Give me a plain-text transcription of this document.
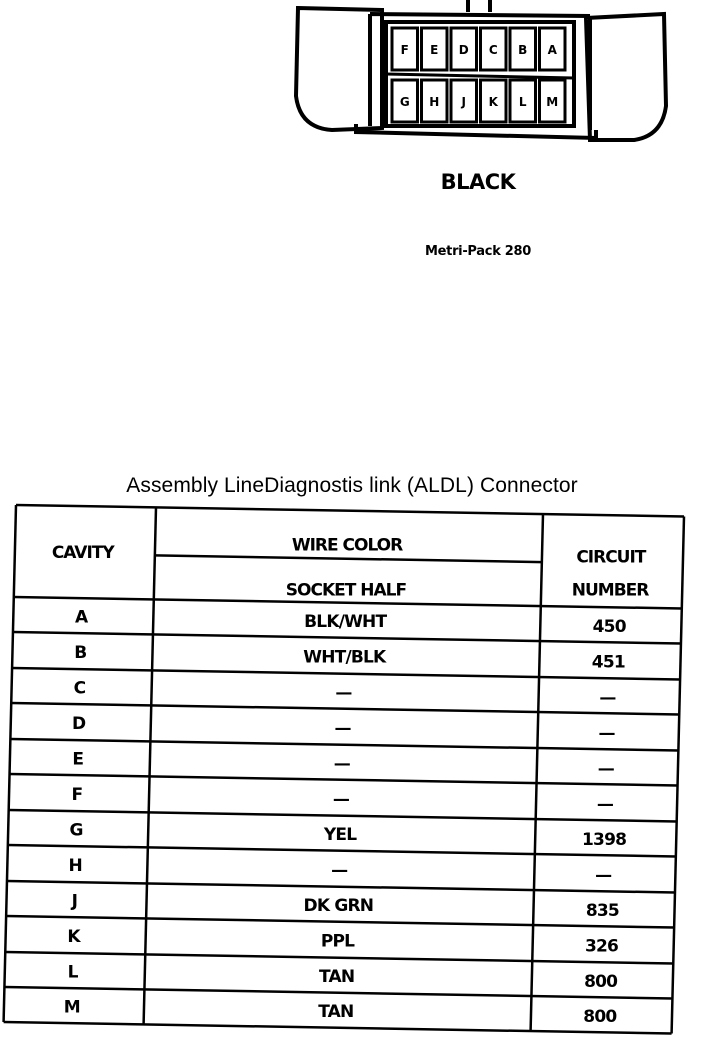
F E D C B A
G H J K L M
BLACK
Metri-Pack 280
Assembly LineDiagnostis link (ALDL) Connector
CAVITY	WIRE COLOR
SOCKET HALF
CIRCUIT
NUMBER
A	BLK/WHT	450
B	WHT/BLK	451
C	—	—
D	—	—
E	—	—
F	—	—
G	YEL	1398
H	—	—
J	DK GRN	835
K	PPL	326
L	TAN	800
M	TAN	800
